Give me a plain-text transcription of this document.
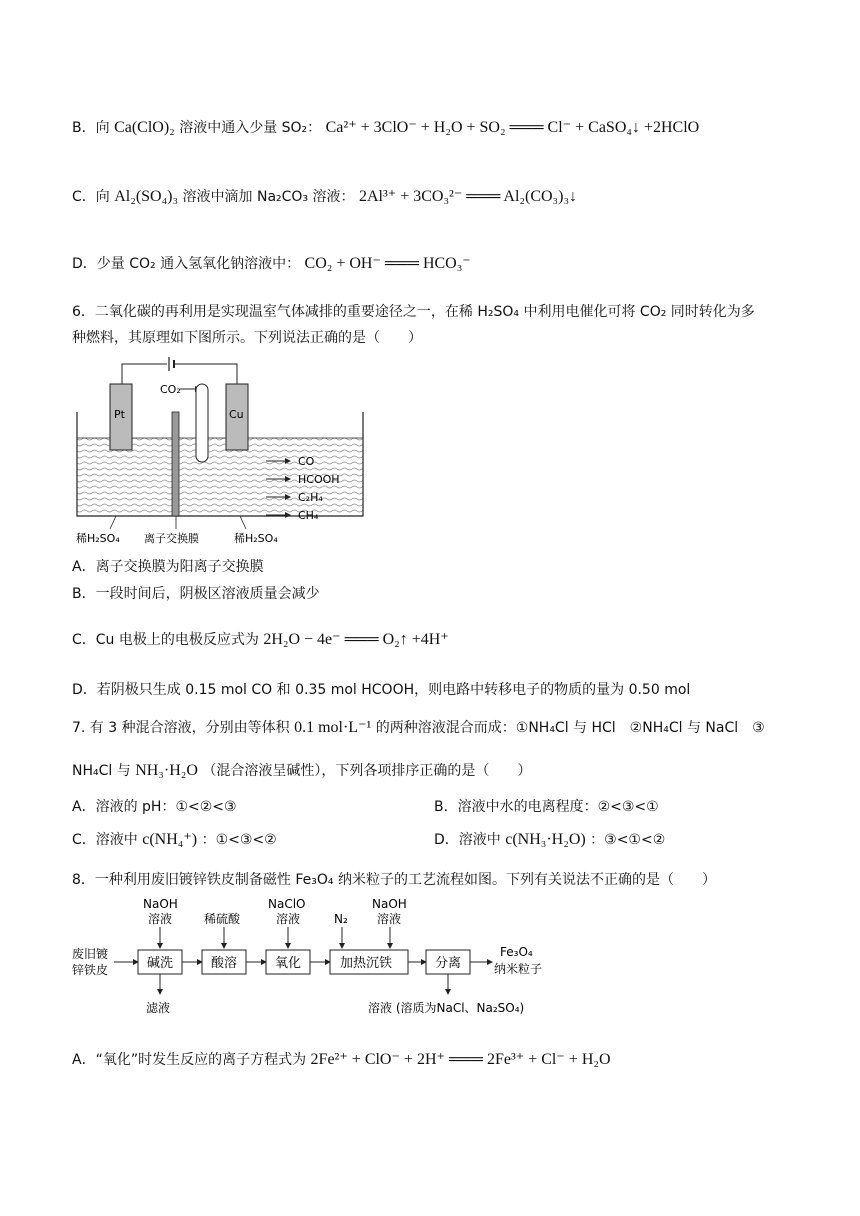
B．向 Ca(ClO)₂ 溶液中通入少量 SO₂： Ca²⁺ + 3ClO⁻ + H₂O + SO₂ ═══ Cl⁻ + CaSO₄↓ +2HClO
C．向 Al₂(SO₄)₃ 溶液中滴加 Na₂CO₃ 溶液： 2Al³⁺ + 3CO₃²⁻ ═══ Al₂(CO₃)₃↓
D．少量 CO₂ 通入氢氧化钠溶液中： CO₂ + OH⁻ ═══ HCO₃⁻
6．二氧化碳的再利用是实现温室气体减排的重要途径之一，在稀 H₂SO₄ 中利用电催化可将 CO₂ 同时转化为多
种燃料，其原理如下图所示。下列说法正确的是（　　）
CO₂
Pt	Cu
CO
HCOOH
C₂H₄
CH₄
稀H₂SO₄ 离子交换膜	稀H₂SO₄
A．离子交换膜为阳离子交换膜
B．一段时间后，阴极区溶液质量会减少
C．Cu 电极上的电极反应式为 2H₂O − 4e⁻ ═══ O₂↑ +4H⁺
D．若阴极只生成 0.15 mol CO 和 0.35 mol HCOOH，则电路中转移电子的物质的量为 0.50 mol
7. 有 3 种混合溶液，分别由等体积 0.1 mol·L⁻¹ 的两种溶液混合而成：①NH₄Cl 与 HCl　②NH₄Cl 与 NaCl　③
NH₄Cl 与 NH₃·H₂O （混合溶液呈碱性），下列各项排序正确的是（　　）
A．溶液的 pH：①<②<③	B．溶液中水的电离程度：②<③<①
C．溶液中 c(NH₄⁺) ：①<③<②	D．溶液中 c(NH₃·H₂O) ：③<①<②
8．一种利用废旧镀锌铁皮制备磁性 Fe₃O₄ 纳米粒子的工艺流程如图。下列有关说法不正确的是（　　）
废旧镀
锌铁皮	碱洗	酸溶	氧化	加热沉铁	分离
Fe₃O₄
纳米粒子
NaOH
溶液	稀硫酸
NaClO
溶液	N₂
NaOH
溶液
滤液	溶液 (溶质为NaCl、Na₂SO₄)
A．“氧化”时发生反应的离子方程式为 2Fe²⁺ + ClO⁻ + 2H⁺ ═══ 2Fe³⁺ + Cl⁻ + H₂O
